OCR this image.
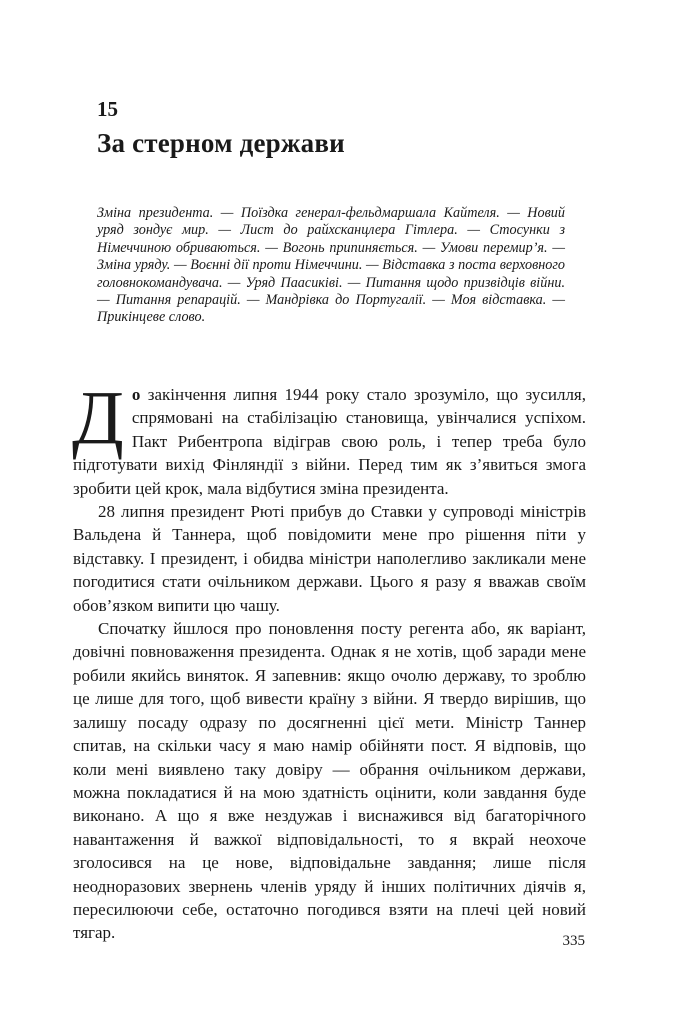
15
За стерном держави
Зміна президента. — Поїздка генерал-фельдмаршала Кайтеля. — Новий уряд зондує мир. — Лист до райхсканцлера Гітлера. — Стосунки з Німеччиною обриваються. — Вогонь припиняється. — Умови перемир’я. — Зміна уряду. — Воєнні дії проти Німеччини. — Відставка з поста верховного головнокомандувача. — Уряд Паасиківі. — Питання щодо призвідців війни. — Питання репарацій. — Мандрівка до Португалії. — Моя відставка. — Прикінцеве слово.

До закінчення липня 1944 року стало зрозуміло, що зусилля, спрямовані на стабілізацію становища, увінчалися успіхом. Пакт Рибентропа відіграв свою роль, і тепер треба було підготувати вихід Фінляндії з війни. Перед тим як з’явиться змога зробити цей крок, мала відбутися зміна президента.

28 липня президент Рюті прибув до Ставки у супроводі міністрів Вальдена й Таннера, щоб повідомити мене про рішення піти у відставку. І президент, і обидва міністри наполегливо закликали мене погодитися стати очільником держави. Цього я разу я вважав своїм обов’язком випити цю чашу.

Спочатку йшлося про поновлення посту регента або, як варіант, довічні повноваження президента. Однак я не хотів, щоб заради мене робили якийсь виняток. Я запевнив: якщо очолю державу, то зроблю це лише для того, щоб вивести країну з війни. Я твердо вирішив, що залишу посаду одразу по досягненні цієї мети. Міністр Таннер спитав, на скільки часу я маю намір обійняти пост. Я відповів, що коли мені виявлено таку довіру — обрання очільником держави, можна покладатися й на мою здатність оцінити, коли завдання буде виконано. А що я вже нездужав і виснажився від багаторічного навантаження й важкої відповідальності, то я вкрай неохоче зголосився на це нове, відповідальне завдання; лише після неодноразових звернень членів уряду й інших політичних діячів я, пересилюючи себе, остаточно погодився взяти на плечі цей новий тягар.	335
